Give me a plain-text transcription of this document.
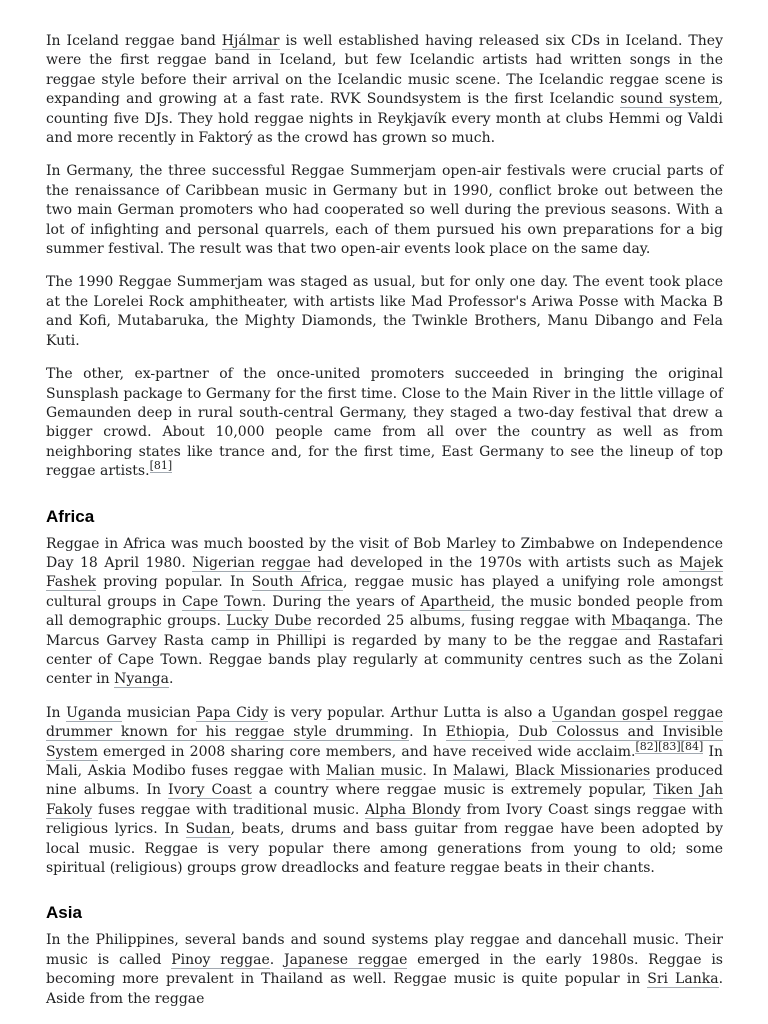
In Iceland reggae band Hjálmar is well established having released six CDs in Iceland. They were the first reggae band in Iceland, but few Icelandic artists had written songs in the reggae style before their arrival on the Icelandic music scene. The Icelandic reggae scene is expanding and growing at a fast rate. RVK Soundsystem is the first Icelandic sound system, counting five DJs. They hold reggae nights in Reykjavík every month at clubs Hemmi og Valdi and more recently in Faktorý as the crowd has grown so much.

In Germany, the three successful Reggae Summerjam open-air festivals were crucial parts of the renaissance of Caribbean music in Germany but in 1990, conflict broke out between the two main German promoters who had cooperated so well during the previous seasons. With a lot of infighting and personal quarrels, each of them pursued his own preparations for a big summer festival. The result was that two open-air events look place on the same day.

The 1990 Reggae Summerjam was staged as usual, but for only one day. The event took place at the Lorelei Rock amphitheater, with artists like Mad Professor's Ariwa Posse with Macka B and Kofi, Mutabaruka, the Mighty Diamonds, the Twinkle Brothers, Manu Dibango and Fela Kuti.

The other, ex-partner of the once-united promoters succeeded in bringing the original Sunsplash package to Germany for the first time. Close to the Main River in the little village of Gemaunden deep in rural south-central Germany, they staged a two-day festival that drew a bigger crowd. About 10,000 people came from all over the country as well as from neighboring states like trance and, for the first time, East Germany to see the lineup of top reggae artists.[81]

Africa

Reggae in Africa was much boosted by the visit of Bob Marley to Zimbabwe on Independence Day 18 April 1980. Nigerian reggae had developed in the 1970s with artists such as Majek Fashek proving popular. In South Africa, reggae music has played a unifying role amongst cultural groups in Cape Town. During the years of Apartheid, the music bonded people from all demographic groups. Lucky Dube recorded 25 albums, fusing reggae with Mbaqanga. The Marcus Garvey Rasta camp in Phillipi is regarded by many to be the reggae and Rastafari center of Cape Town. Reggae bands play regularly at community centres such as the Zolani center in Nyanga.

In Uganda musician Papa Cidy is very popular. Arthur Lutta is also a Ugandan gospel reggae drummer known for his reggae style drumming. In Ethiopia, Dub Colossus and Invisible System emerged in 2008 sharing core members, and have received wide acclaim.[82][83][84] In Mali, Askia Modibo fuses reggae with Malian music. In Malawi, Black Missionaries produced nine albums. In Ivory Coast a country where reggae music is extremely popular, Tiken Jah Fakoly fuses reggae with traditional music. Alpha Blondy from Ivory Coast sings reggae with religious lyrics. In Sudan, beats, drums and bass guitar from reggae have been adopted by local music. Reggae is very popular there among generations from young to old; some spiritual (religious) groups grow dreadlocks and feature reggae beats in their chants.

Asia

In the Philippines, several bands and sound systems play reggae and dancehall music. Their music is called Pinoy reggae. Japanese reggae emerged in the early 1980s. Reggae is becoming more prevalent in Thailand as well. Reggae music is quite popular in Sri Lanka. Aside from the reggae
